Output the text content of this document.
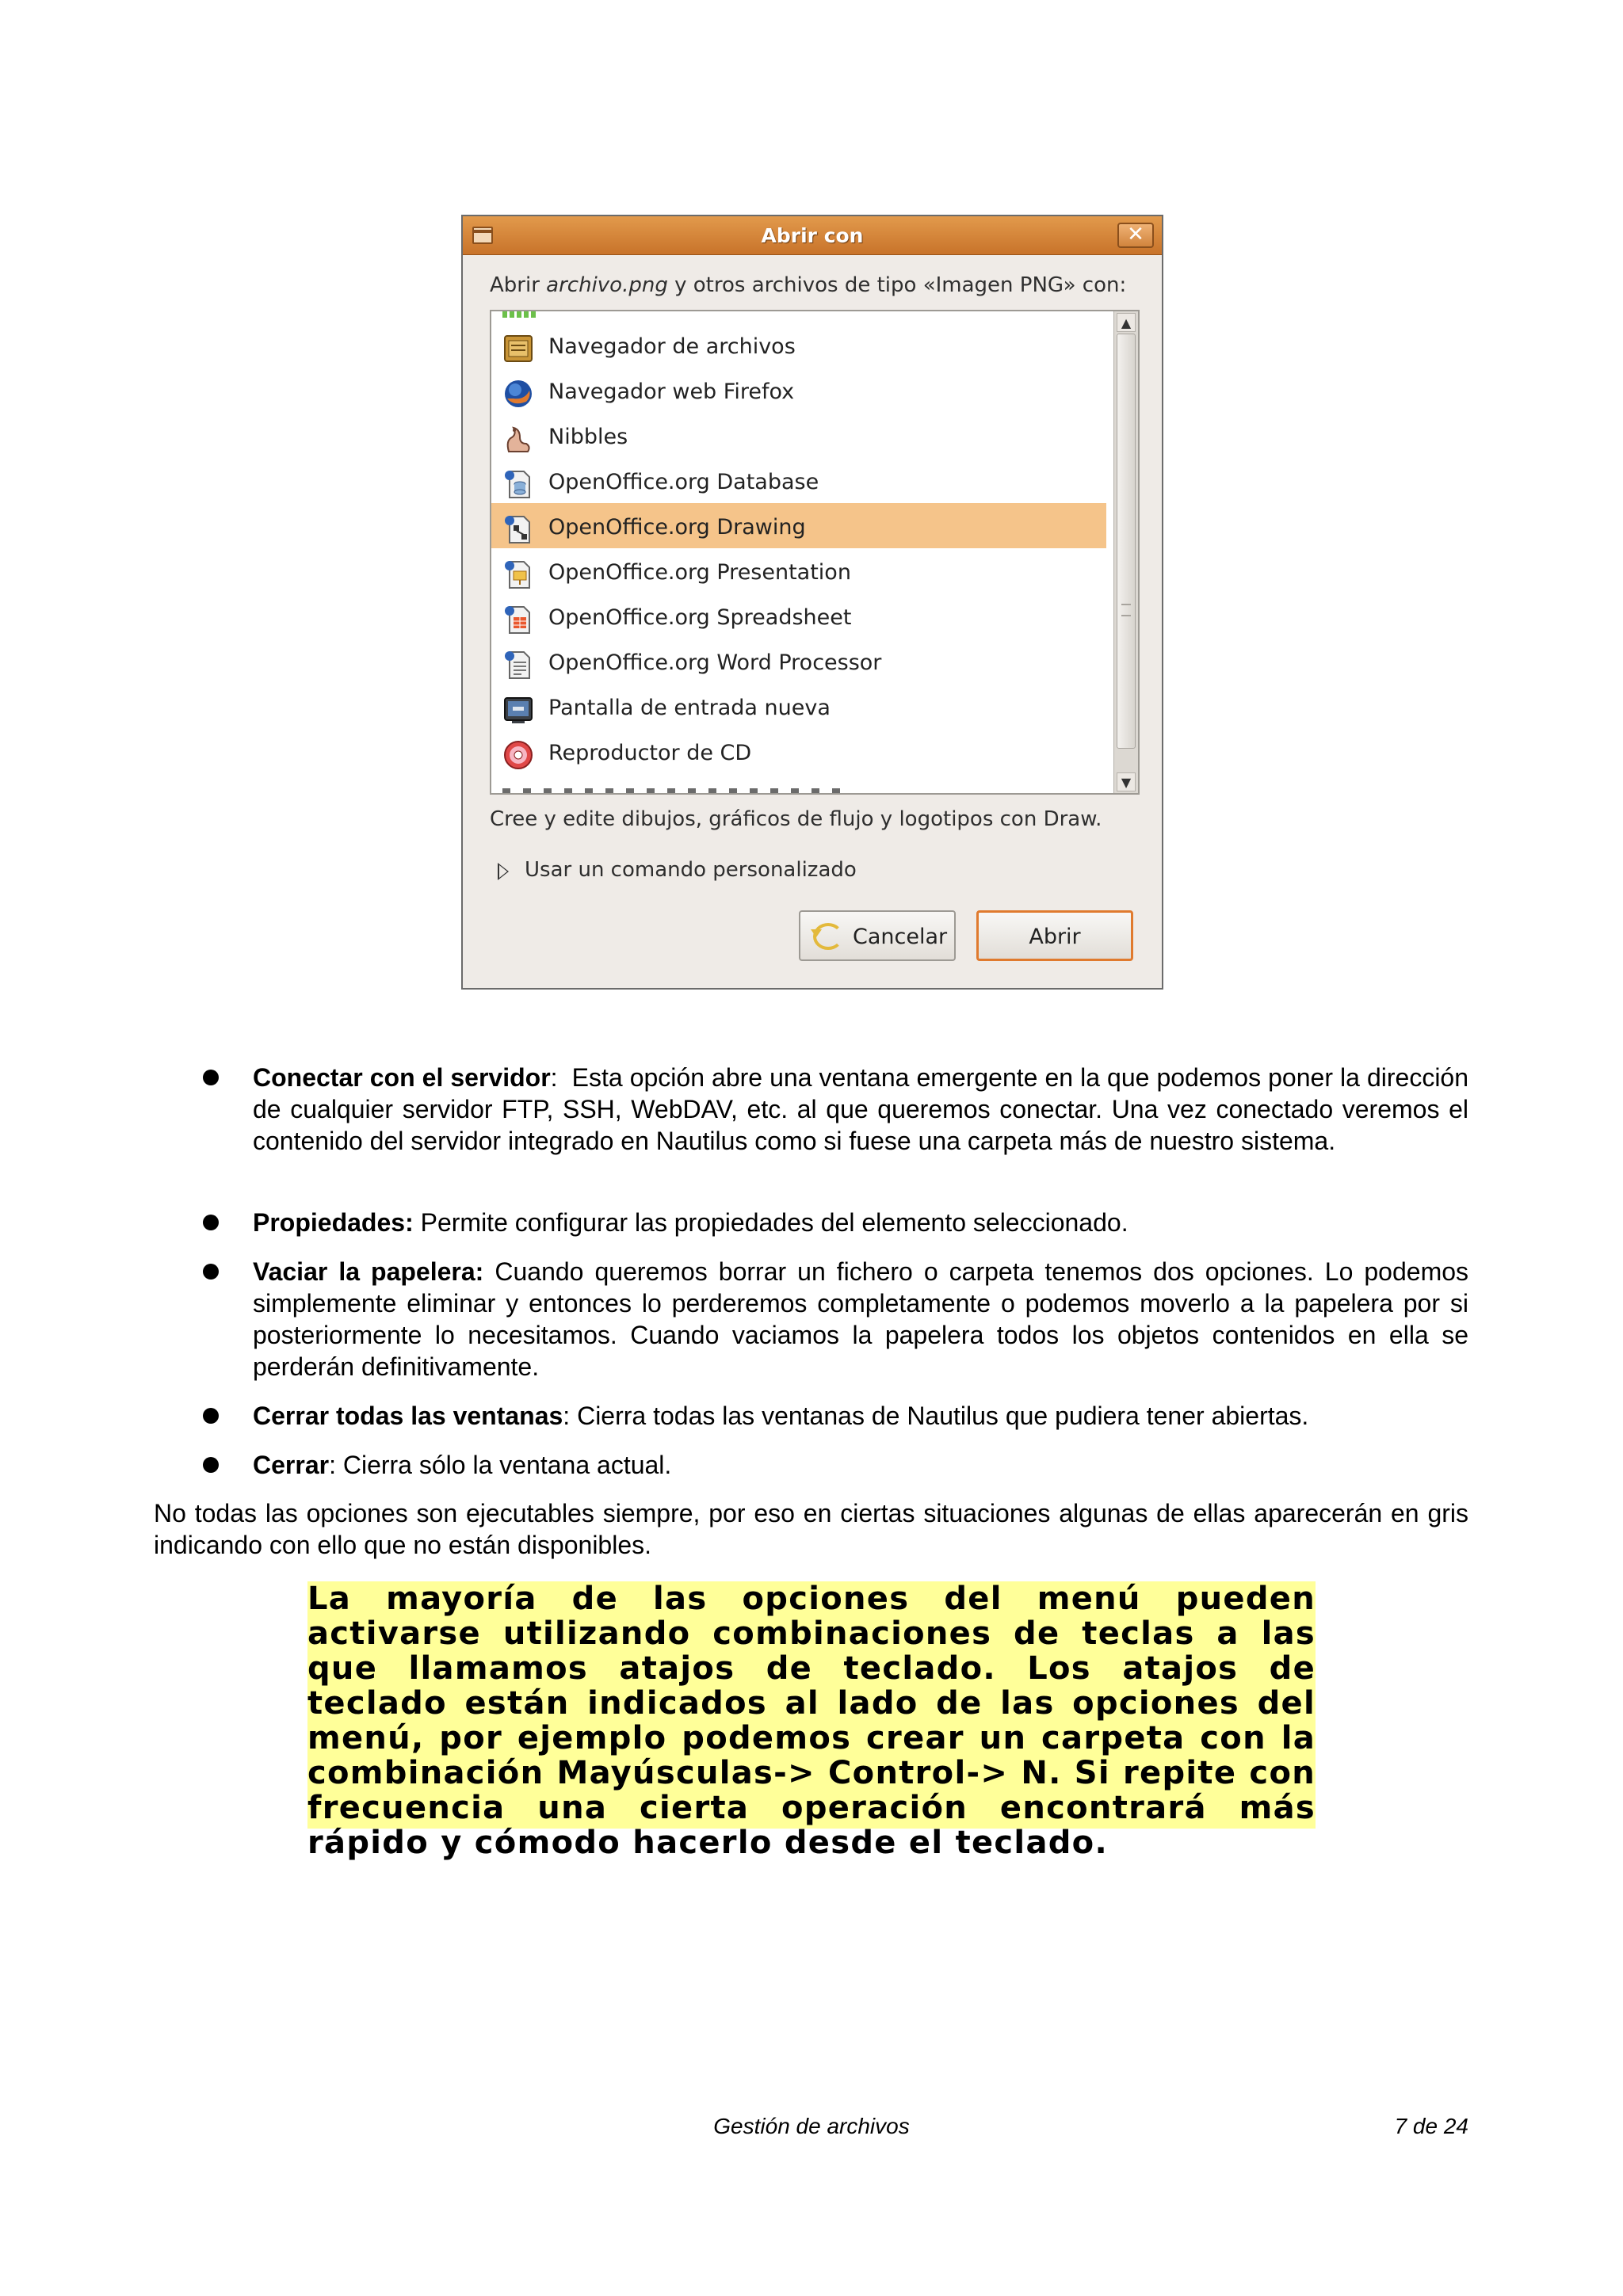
Abrir con	✕
Abrir archivo.png y otros archivos de tipo «Imagen PNG» con:
Navegador de archivos
Navegador web Firefox
Nibbles
OpenOffice.org Database
OpenOffice.org Drawing
OpenOffice.org Presentation
OpenOffice.org Spreadsheet
OpenOffice.org Word Processor
Pantalla de entrada nueva
Reproductor de CD
▲
▼
Cree y edite dibujos, gráficos de flujo y logotipos con Draw.
Usar un comando personalizado
Cancelar	Abrir
Conectar con el servidor:  Esta opción abre una ventana emergente en la que podemos poner la dirección de cualquier servidor FTP, SSH, WebDAV, etc. al que queremos conectar. Una vez conectado veremos el contenido del servidor integrado en Nautilus como si fuese una carpeta más de nuestro sistema.
Propiedades: Permite configurar las propiedades del elemento seleccionado.
Vaciar la papelera: Cuando queremos borrar un fichero o carpeta tenemos dos opciones. Lo podemos simplemente eliminar y entonces lo perderemos completamente o podemos moverlo a la papelera por si posteriormente lo necesitamos. Cuando vaciamos la papelera todos los objetos contenidos en ella se perderán definitivamente.
Cerrar todas las ventanas: Cierra todas las ventanas de Nautilus que pudiera tener abiertas.
Cerrar: Cierra sólo la ventana actual.
No todas las opciones son ejecutables siempre, por eso en ciertas situaciones algunas de ellas aparecerán en gris indicando con ello que no están disponibles.
La mayoría de las opciones del menú pueden activarse utilizando combinaciones de teclas a las que llamamos atajos de teclado. Los atajos de teclado están indicados al lado de las opciones del menú, por ejemplo podemos crear un carpeta con la combinación Mayúsculas-> Control-> N. Si repite con frecuencia una cierta operación encontrará más rápido y cómodo hacerlo desde el teclado.
Gestión de archivos	7 de 24
